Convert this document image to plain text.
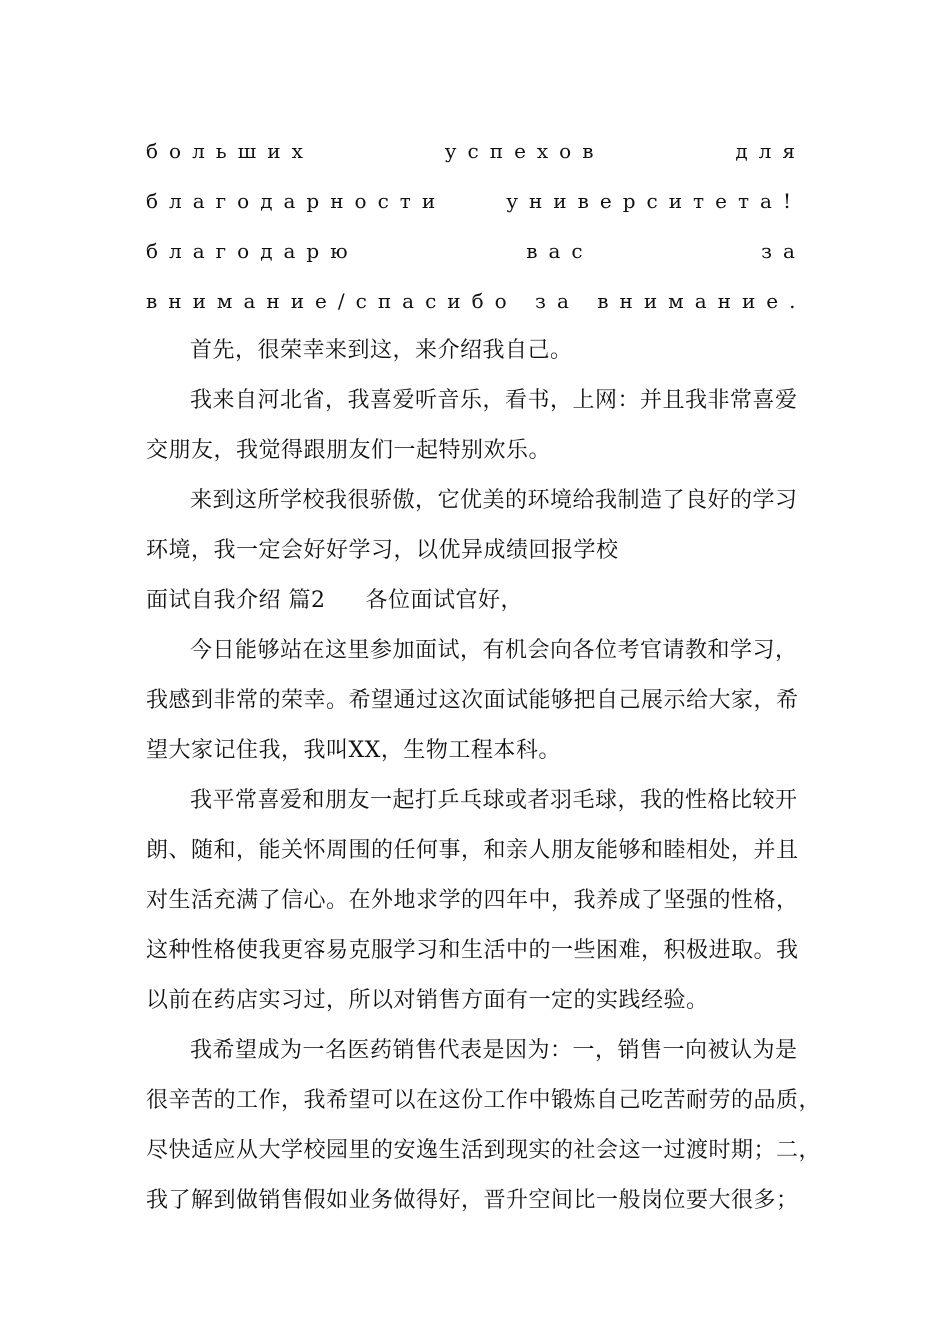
больших	успехов	для
благодарности	университета!
благодарю	вас	за
внимание/спасибо за внимание.
首先，很荣幸来到这，来介绍我自己。
我来自河北省，我喜爱听音乐，看书，上网：并且我非常喜爱
交朋友，我觉得跟朋友们一起特别欢乐。
来到这所学校我很骄傲，它优美的环境给我制造了良好的学习
环境，我一定会好好学习，以优异成绩回报学校
面试自我介绍 篇2 各位面试官好，
今日能够站在这里参加面试，有机会向各位考官请教和学习，
我感到非常的荣幸。希望通过这次面试能够把自己展示给大家，希
望大家记住我，我叫XX，生物工程本科。
我平常喜爱和朋友一起打乒乓球或者羽毛球，我的性格比较开
朗、随和，能关怀周围的任何事，和亲人朋友能够和睦相处，并且
对生活充满了信心。在外地求学的四年中，我养成了坚强的性格，
这种性格使我更容易克服学习和生活中的一些困难，积极进取。我
以前在药店实习过，所以对销售方面有一定的实践经验。
我希望成为一名医药销售代表是因为：一，销售一向被认为是
很辛苦的工作，我希望可以在这份工作中锻炼自己吃苦耐劳的品质，
尽快适应从大学校园里的安逸生活到现实的社会这一过渡时期；二，
我了解到做销售假如业务做得好，晋升空间比一般岗位要大很多；
